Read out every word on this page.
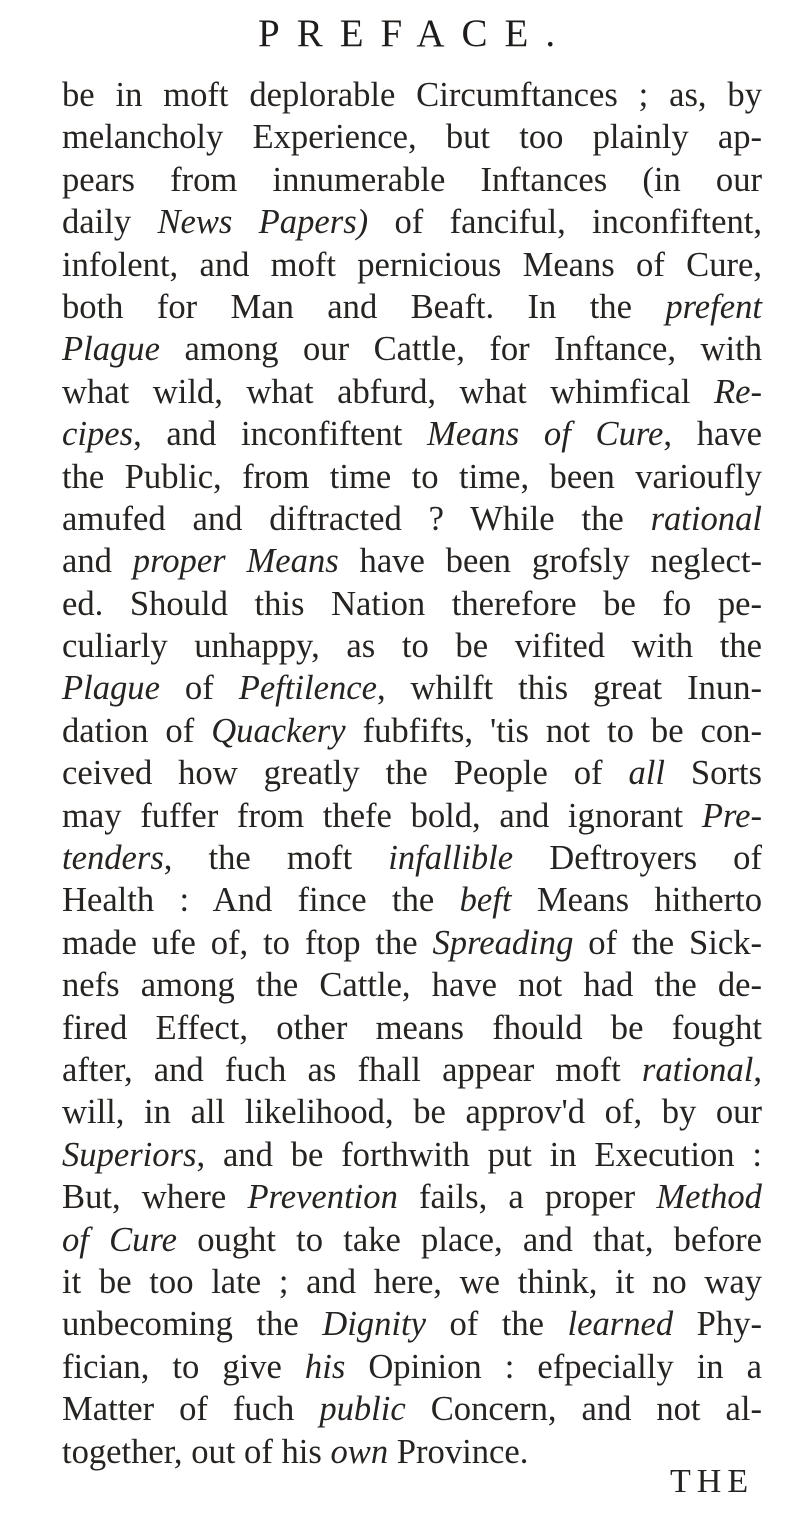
PREFACE.
be in moft deplorable Circumftances ; as, by
melancholy Experience, but too plainly ap-
pears from innumerable Inftances (in our
daily News Papers) of fanciful, inconfiftent,
infolent, and moft pernicious Means of Cure,
both for Man and Beaft. In the prefent
Plague among our Cattle, for Inftance, with
what wild, what abfurd, what whimfical Re-
cipes, and inconfiftent Means of Cure, have
the Public, from time to time, been varioufly
amufed and diftracted ? While the rational
and proper Means have been grofsly neglect-
ed. Should this Nation therefore be fo pe-
culiarly unhappy, as to be vifited with the
Plague of Peftilence, whilft this great Inun-
dation of Quackery fubfifts, 'tis not to be con-
ceived how greatly the People of all Sorts
may fuffer from thefe bold, and ignorant Pre-
tenders, the moft infallible Deftroyers of
Health : And fince the beft Means hitherto
made ufe of, to ftop the Spreading of the Sick-
nefs among the Cattle, have not had the de-
fired Effect, other means fhould be fought
after, and fuch as fhall appear moft rational,
will, in all likelihood, be approv'd of, by our
Superiors, and be forthwith put in Execution :
But, where Prevention fails, a proper Method
of Cure ought to take place, and that, before
it be too late ; and here, we think, it no way
unbecoming the Dignity of the learned Phy-
fician, to give his Opinion : efpecially in a
Matter of fuch public Concern, and not al-
together, out of his own Province.
THE
